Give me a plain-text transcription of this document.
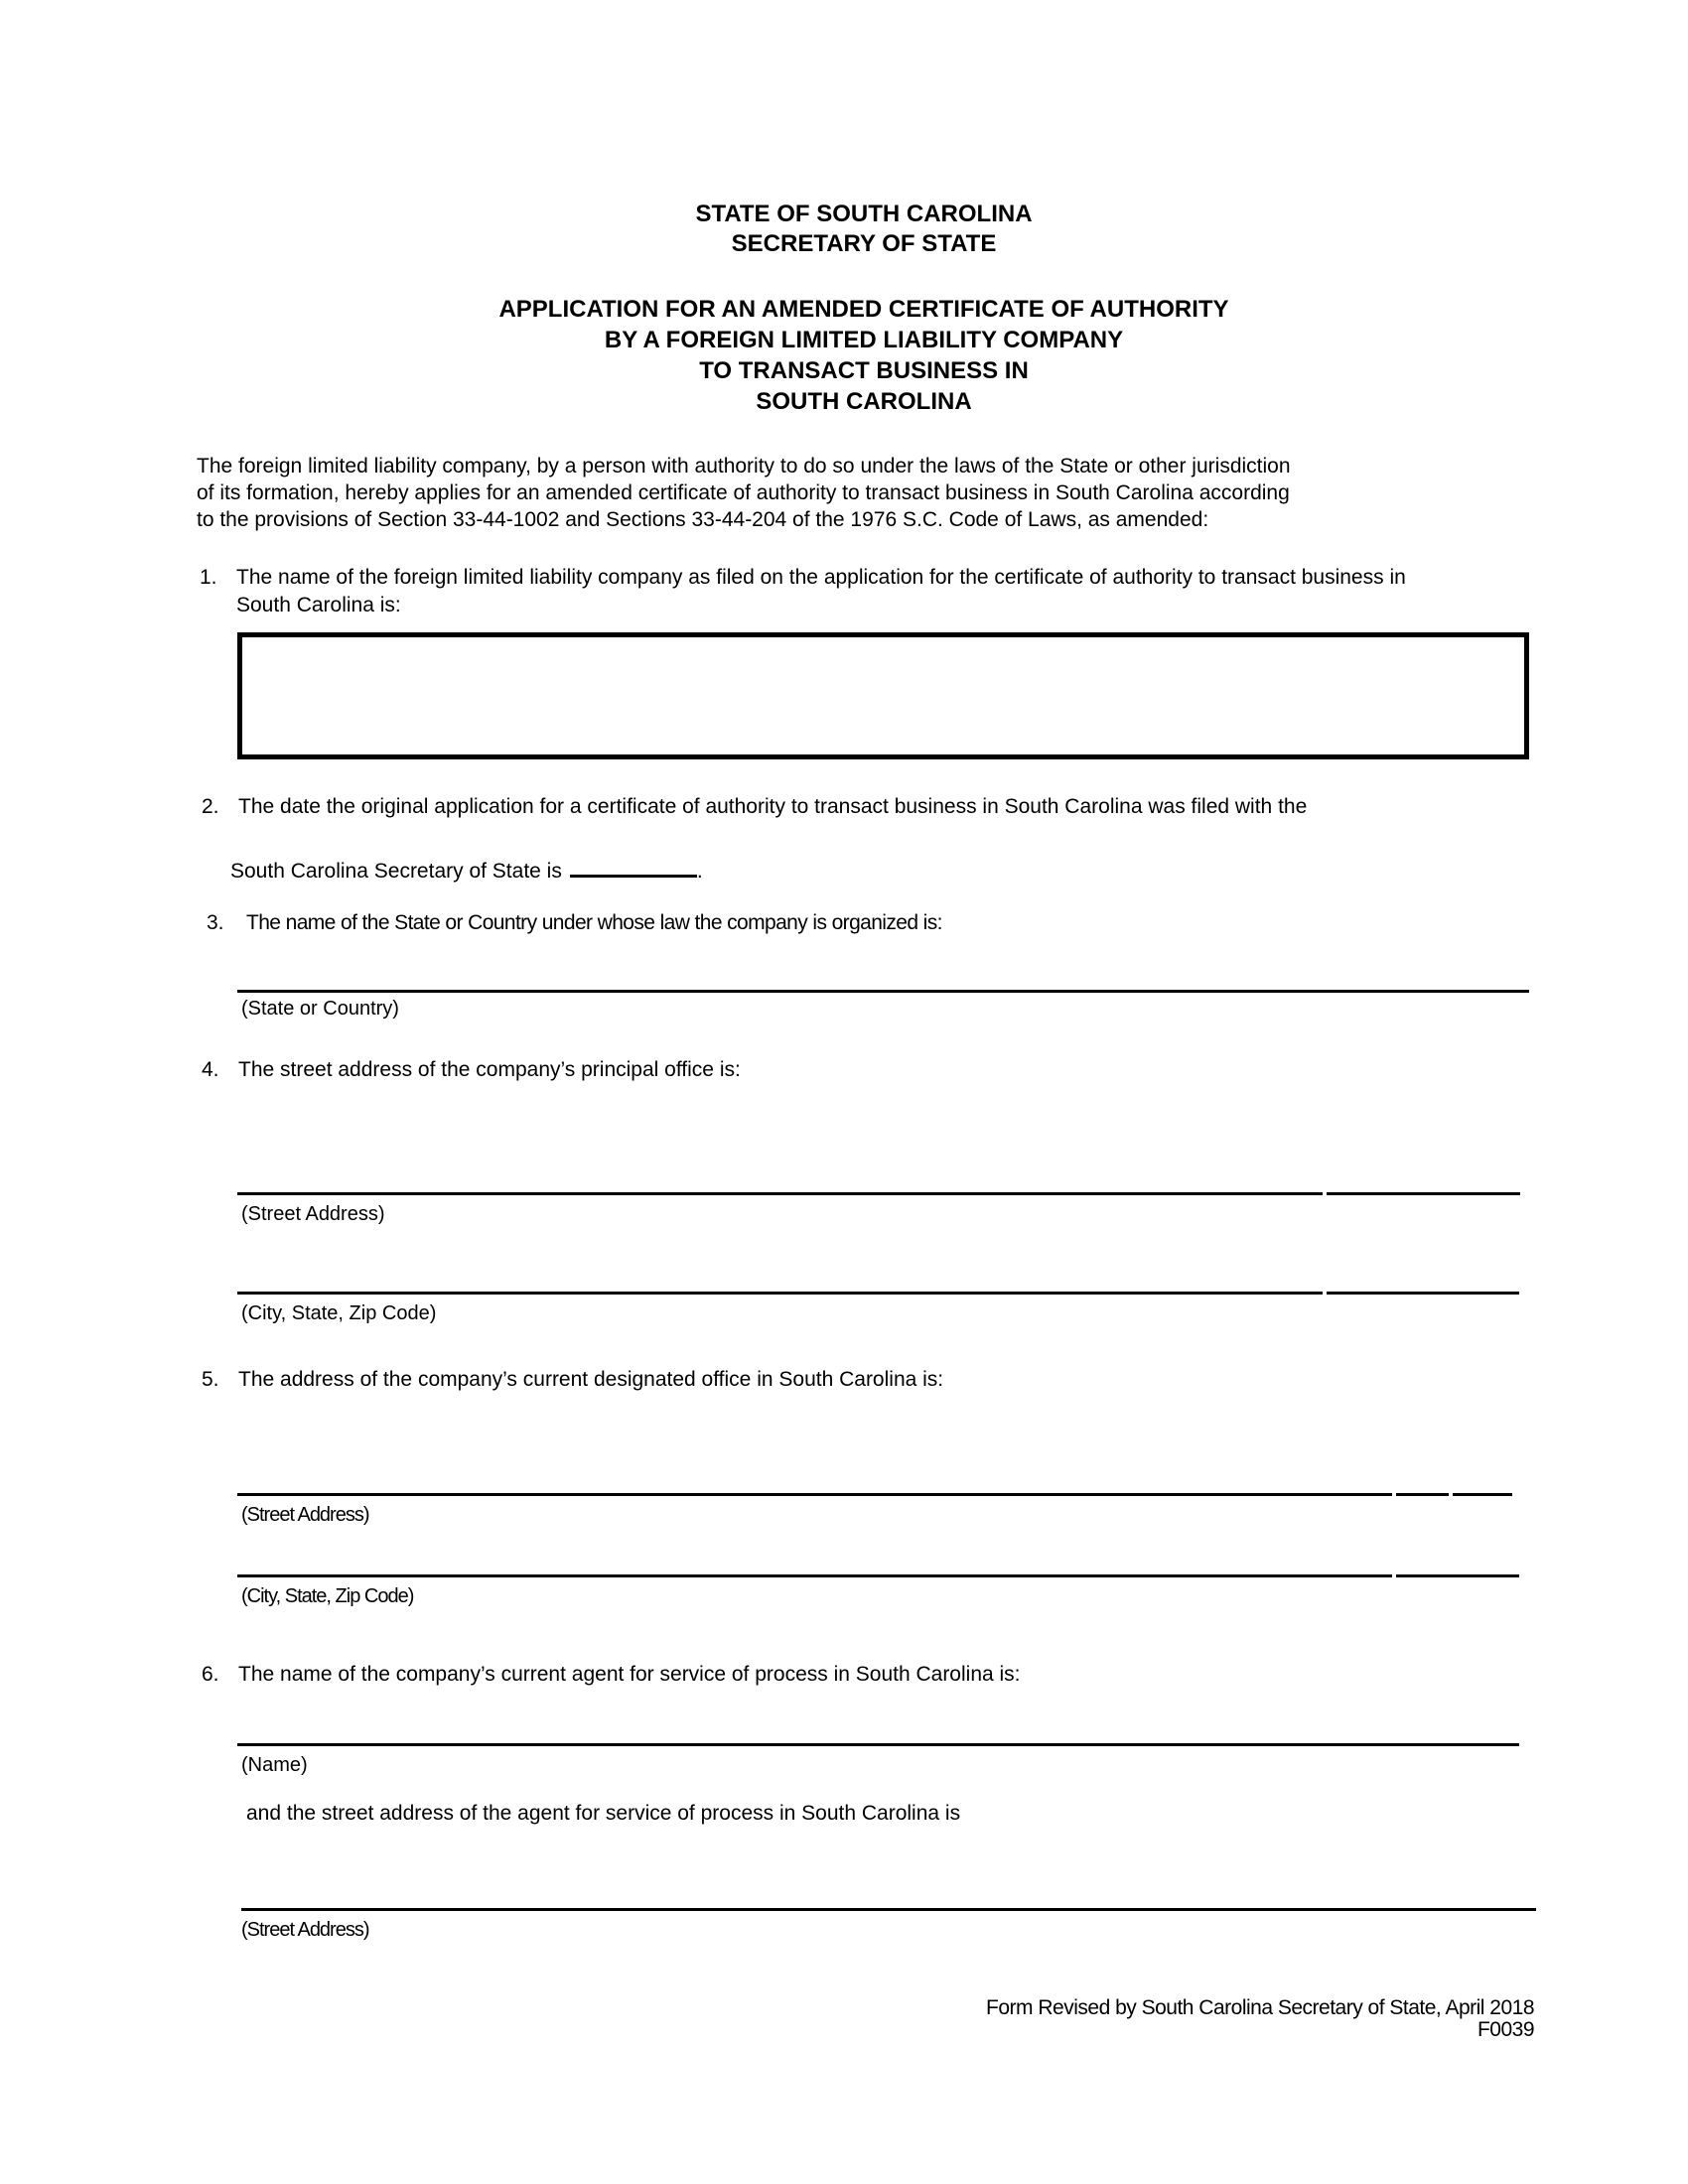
STATE OF SOUTH CAROLINA
SECRETARY OF STATE
APPLICATION FOR AN AMENDED CERTIFICATE OF AUTHORITY
BY A FOREIGN LIMITED LIABILITY COMPANY
TO TRANSACT BUSINESS IN
SOUTH CAROLINA
The foreign limited liability company, by a person with authority to do so under the laws of the State or other jurisdiction
of its formation, hereby applies for an amended certificate of authority to transact business in South Carolina according
to the provisions of Section 33-44-1002 and Sections 33-44-204 of the 1976 S.C. Code of Laws, as amended:
1. The name of the foreign limited liability company as filed on the application for the certificate of authority to transact business in
South Carolina is:
2. The date the original application for a certificate of authority to transact business in South Carolina was filed with the
South Carolina Secretary of State is	.
3.	The name of the State or Country under whose law the company is organized is:
(State or Country)
4. The street address of the company’s principal office is:
(Street Address)
(City, State, Zip Code)
5. The address of the company’s current designated office in South Carolina is:
(Street Address)
(City, State, Zip Code)
6. The name of the company’s current agent for service of process in South Carolina is:
(Name)
and the street address of the agent for service of process in South Carolina is
(Street Address)
Form Revised by South Carolina Secretary of State, April 2018
F0039
